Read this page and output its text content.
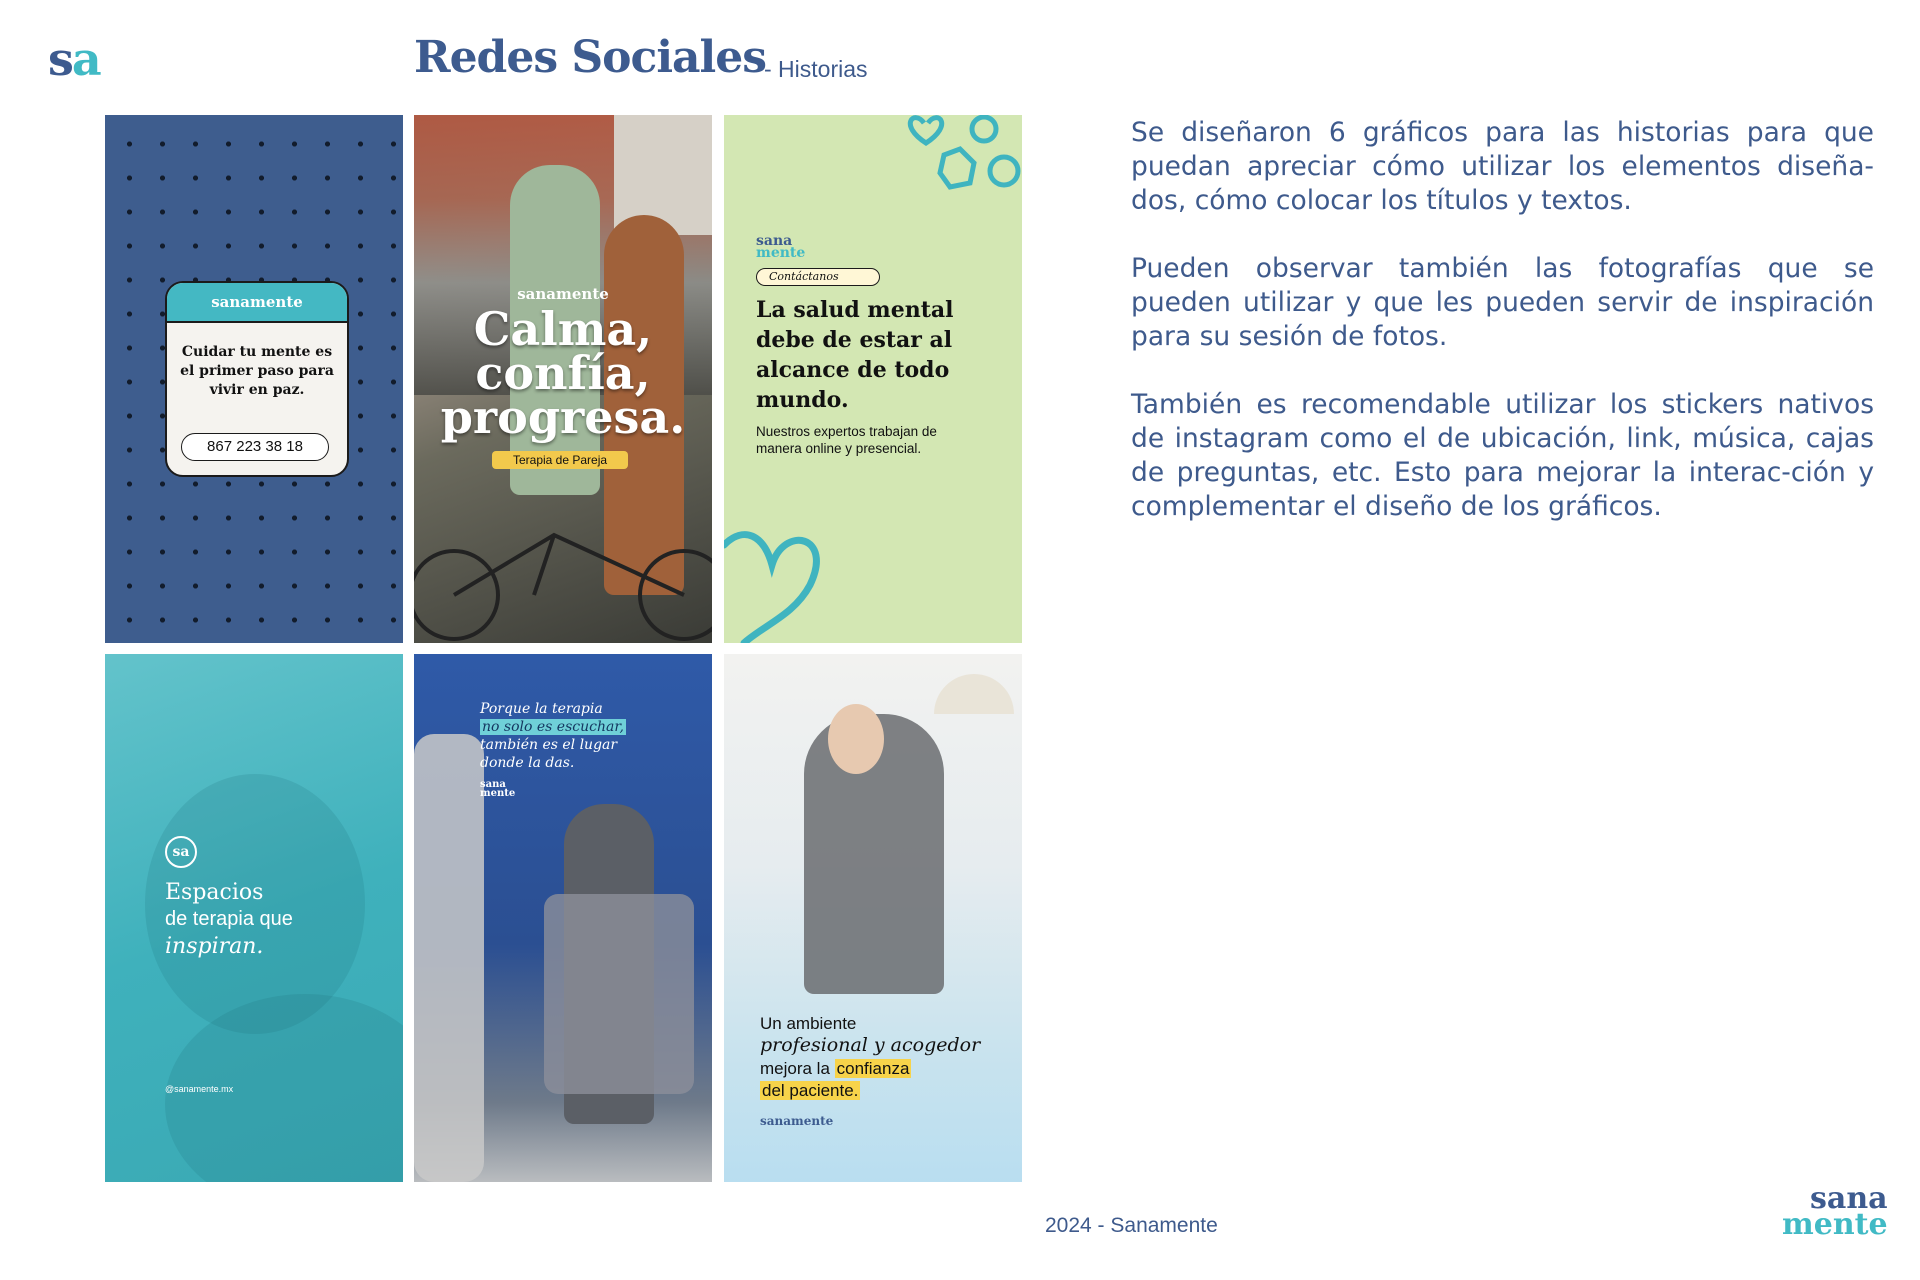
sa	Redes Sociales
- Historias

Se diseñaron 6 gráficos para las historias para que puedan apreciar cómo utilizar los elementos diseña-dos, cómo colocar los títulos y textos.

Pueden observar también las fotografías que se pueden utilizar y que les pueden servir de inspiración para su sesión de fotos.

También es recomendable utilizar los stickers nativos de instagram como el de ubicación, link, música, cajas de preguntas, etc. Esto para mejorar la interac-ción y complementar el diseño de los gráficos.

sanamente
Cuidar tu mente es el primer paso para vivir en paz.
867 223 38 18
sanamente
Calma,
confía,
progresa.
Terapia de Pareja
sana
mente
Contáctanos
La salud mental debe de estar al alcance de todo mundo.
Nuestros expertos trabajan de manera online y presencial.
sa
Espacios
de terapia que
inspiran.
@sanamente.mx
Porque la terapia
no solo es escuchar,
también es el lugar
donde la das.
sana
mente
Un ambiente
profesional y acogedor
mejora la confianza
del paciente.
sanamente
2024 - Sanamente
sana
mente
